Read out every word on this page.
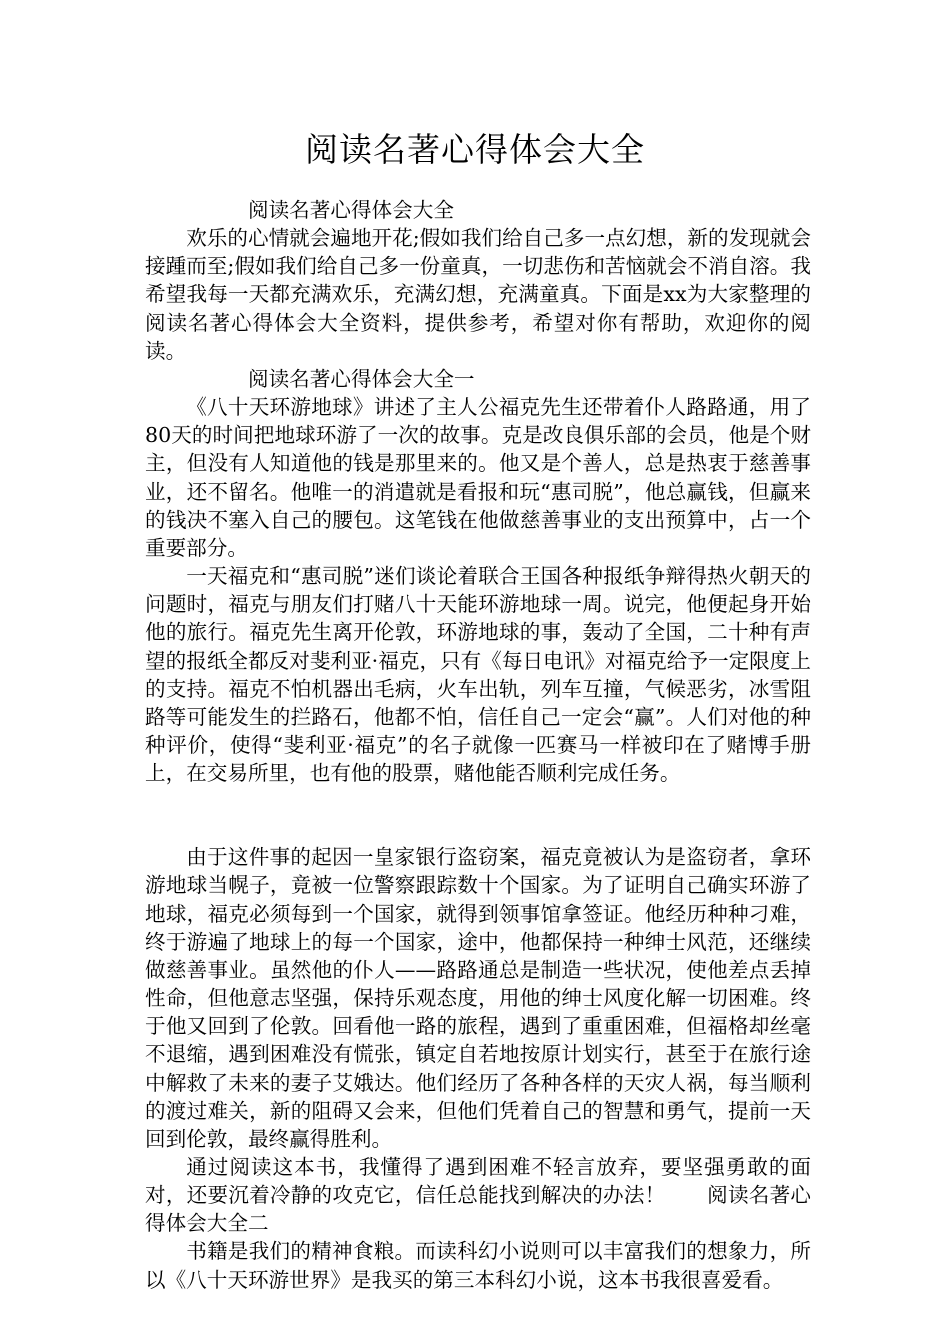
阅读名著心得体会大全

阅读名著心得体会大全

欢乐的心情就会遍地开花;假如我们给自己多一点幻想，新的发现就会接踵而至;假如我们给自己多一份童真，一切悲伤和苦恼就会不消自溶。我希望我每一天都充满欢乐，充满幻想，充满童真。下面是xx为大家整理的阅读名著心得体会大全资料，提供参考，希望对你有帮助，欢迎你的阅读。

阅读名著心得体会大全一

《八十天环游地球》讲述了主人公福克先生还带着仆人路路通，用了80天的时间把地球环游了一次的故事。克是改良俱乐部的会员，他是个财主，但没有人知道他的钱是那里来的。他又是个善人，总是热衷于慈善事业，还不留名。他唯一的消遣就是看报和玩“惠司脱”，他总赢钱，但赢来的钱决不塞入自己的腰包。这笔钱在他做慈善事业的支出预算中，占一个重要部分。

一天福克和“惠司脱”迷们谈论着联合王国各种报纸争辩得热火朝天的问题时，福克与朋友们打赌八十天能环游地球一周。说完，他便起身开始他的旅行。福克先生离开伦敦，环游地球的事，轰动了全国，二十种有声望的报纸全都反对斐利亚·福克，只有《每日电讯》对福克给予一定限度上的支持。福克不怕机器出毛病，火车出轨，列车互撞，气候恶劣，冰雪阻路等可能发生的拦路石，他都不怕，信任自己一定会“赢”。人们对他的种种评价，使得“斐利亚·福克”的名子就像一匹赛马一样被印在了赌博手册上，在交易所里，也有他的股票，赌他能否顺利完成任务。

由于这件事的起因一皇家银行盗窃案，福克竟被认为是盗窃者，拿环游地球当幌子，竟被一位警察跟踪数十个国家。为了证明自己确实环游了地球，福克必须每到一个国家，就得到领事馆拿签证。他经历种种刁难，终于游遍了地球上的每一个国家，途中，他都保持一种绅士风范，还继续做慈善事业。虽然他的仆人——路路通总是制造一些状况，使他差点丢掉性命，但他意志坚强，保持乐观态度，用他的绅士风度化解一切困难。终于他又回到了伦敦。回看他一路的旅程，遇到了重重困难，但福格却丝毫不退缩，遇到困难没有慌张，镇定自若地按原计划实行，甚至于在旅行途中解救了未来的妻子艾娥达。他们经历了各种各样的天灾人祸，每当顺利的渡过难关，新的阻碍又会来，但他们凭着自己的智慧和勇气，提前一天回到伦敦，最终赢得胜利。

通过阅读这本书，我懂得了遇到困难不轻言放弃，要坚强勇敢的面对，还要沉着冷静的攻克它，信任总能找到解决的办法！　　阅读名著心得体会大全二

书籍是我们的精神食粮。而读科幻小说则可以丰富我们的想象力，所以《八十天环游世界》是我买的第三本科幻小说，这本书我很喜爱看。
